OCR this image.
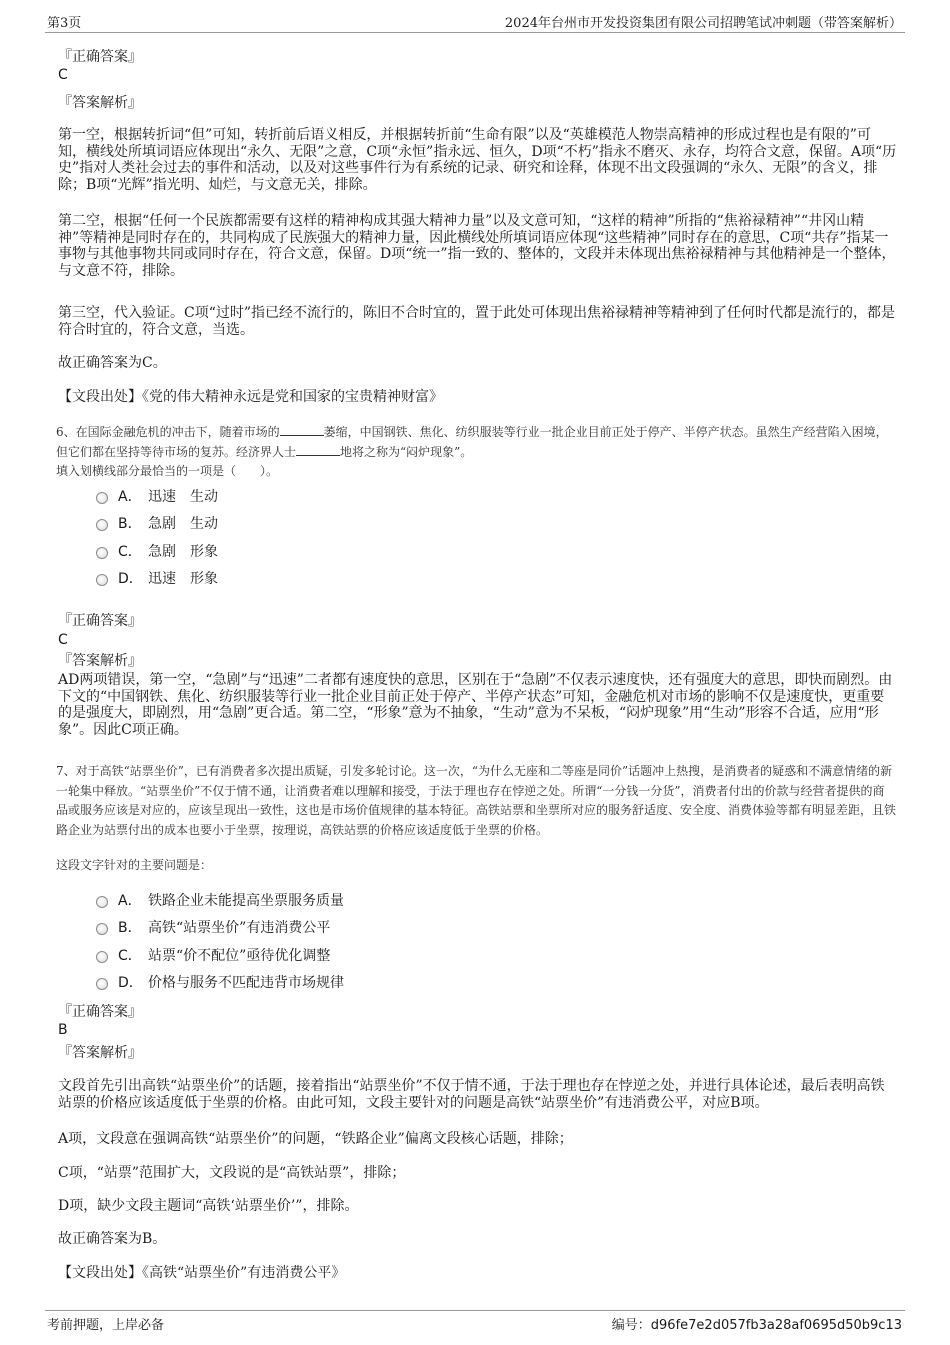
第3页	2024年台州市开发投资集团有限公司招聘笔试冲刺题（带答案解析）

『正确答案』

C

『答案解析』

第一空，根据转折词“但”可知，转折前后语义相反，并根据转折前“生命有限”以及“英雄模范人物崇高精神的形成过程也是有限的”可知，横线处所填词语应体现出“永久、无限”之意，C项“永恒”指永远、恒久，D项“不朽”指永不磨灭、永存，均符合文意，保留。A项“历史”指对人类社会过去的事件和活动，以及对这些事件行为有系统的记录、研究和诠释，体现不出文段强调的“永久、无限”的含义，排除；B项“光辉”指光明、灿烂，与文意无关，排除。

第二空，根据“任何一个民族都需要有这样的精神构成其强大精神力量”以及文意可知，“这样的精神”所指的“焦裕禄精神”“井冈山精神”等精神是同时存在的，共同构成了民族强大的精神力量，因此横线处所填词语应体现“这些精神”同时存在的意思，C项“共存”指某一事物与其他事物共同或同时存在，符合文意，保留。D项“统一”指一致的、整体的，文段并未体现出焦裕禄精神与其他精神是一个整体，与文意不符，排除。

第三空，代入验证。C项“过时”指已经不流行的，陈旧不合时宜的，置于此处可体现出焦裕禄精神等精神到了任何时代都是流行的，都是符合时宜的，符合文意，当选。

故正确答案为C。

【文段出处】《党的伟大精神永远是党和国家的宝贵精神财富》

6、在国际金融危机的冲击下，随着市场的	萎缩，中国钢铁、焦化、纺织服装等行业一批企业目前正处于停产、半停产状态。虽然生产经营陷入困境，但它们都在坚持等待市场的复苏。经济界人士	地将之称为“闷炉现象”。

填入划横线部分最恰当的一项是（　　）。

A． 迅速　生动
B． 急剧　生动
C． 急剧　形象
D． 迅速　形象

『正确答案』

C

『答案解析』

AD两项错误，第一空，“急剧”与“迅速”二者都有速度快的意思，区别在于“急剧”不仅表示速度快，还有强度大的意思，即快而剧烈。由下文的“中国钢铁、焦化、纺织服装等行业一批企业目前正处于停产、半停产状态”可知，金融危机对市场的影响不仅是速度快，更重要的是强度大，即剧烈，用“急剧”更合适。第二空，“形象”意为不抽象，“生动”意为不呆板，“闷炉现象”用“生动”形容不合适，应用“形象”。因此C项正确。

7、对于高铁“站票坐价”，已有消费者多次提出质疑，引发多轮讨论。这一次，“为什么无座和二等座是同价”话题冲上热搜，是消费者的疑惑和不满意情绪的新一轮集中释放。“站票坐价”不仅于情不通，让消费者难以理解和接受，于法于理也存在悖逆之处。所谓“一分钱一分货”，消费者付出的价款与经营者提供的商品或服务应该是对应的，应该呈现出一致性，这也是市场价值规律的基本特征。高铁站票和坐票所对应的服务舒适度、安全度、消费体验等都有明显差距，且铁路企业为站票付出的成本也要小于坐票，按理说，高铁站票的价格应该适度低于坐票的价格。

这段文字针对的主要问题是：

A． 铁路企业未能提高坐票服务质量
B． 高铁“站票坐价”有违消费公平
C． 站票“价不配位”亟待优化调整
D． 价格与服务不匹配违背市场规律

『正确答案』

B

『答案解析』

文段首先引出高铁“站票坐价”的话题，接着指出“站票坐价”不仅于情不通，于法于理也存在悖逆之处，并进行具体论述，最后表明高铁站票的价格应该适度低于坐票的价格。由此可知，文段主要针对的问题是高铁“站票坐价”有违消费公平，对应B项。

A项，文段意在强调高铁“站票坐价”的问题，“铁路企业”偏离文段核心话题，排除；

C项，“站票”范围扩大，文段说的是“高铁站票”，排除；

D项，缺少文段主题词“高铁‘站票坐价’”，排除。

故正确答案为B。

【文段出处】《高铁“站票坐价”有违消费公平》

考前押题，上岸必备	编号：d96fe7e2d057fb3a28af0695d50b9c13
